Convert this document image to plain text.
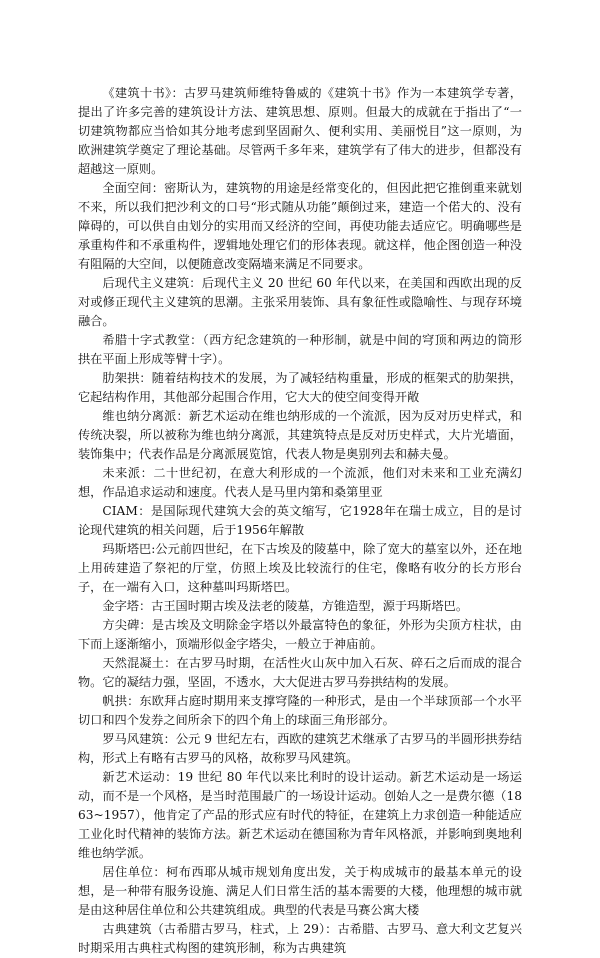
《建筑十书》：古罗马建筑师维特鲁威的《建筑十书》作为一本建筑学专著，提出了许多完善的建筑设计方法、建筑思想、原则。但最大的成就在于指出了“一切建筑物都应当恰如其分地考虑到坚固耐久、便利实用、美丽悦目”这一原则，为欧洲建筑学奠定了理论基础。尽管两千多年来，建筑学有了伟大的进步，但都没有超越这一原则。

全面空间：密斯认为，建筑物的用途是经常变化的，但因此把它推倒重来就划不来，所以我们把沙利文的口号“形式随从功能”颠倒过来，建造一个偌大的、没有障碍的，可以供自由划分的实用而又经济的空间，再使功能去适应它。明确哪些是承重构件和不承重构件，逻辑地处理它们的形体表现。就这样，他企图创造一种没有阻隔的大空间，以便随意改变隔墙来满足不同要求。

后现代主义建筑：后现代主义 20 世纪 60 年代以来，在美国和西欧出现的反对或修正现代主义建筑的思潮。主张采用装饰、具有象征性或隐喻性、与现存环境融合。

希腊十字式教堂：（西方纪念建筑的一种形制，就是中间的穹顶和两边的筒形拱在平面上形成等臂十字）。

肋架拱：随着结构技术的发展，为了减轻结构重量，形成的框架式的肋架拱，它起结构作用，其他部分起围合作用，它大大的使空间变得开敞

维也纳分离派：新艺术运动在维也纳形成的一个流派，因为反对历史样式，和传统决裂，所以被称为维也纳分离派，其建筑特点是反对历史样式，大片光墙面，装饰集中；代表作品是分离派展览馆，代表人物是奥别列去和赫夫曼。

未来派：二十世纪初，在意大利形成的一个流派，他们对未来和工业充满幻想，作品追求运动和速度。代表人是马里内第和桑第里亚

CIAM：是国际现代建筑大会的英文缩写，它1928年在瑞士成立，目的是讨论现代建筑的相关问题，后于1956年解散

玛斯塔巴:公元前四世纪，在下古埃及的陵墓中，除了宽大的墓室以外，还在地上用砖建造了祭祀的厅堂，仿照上埃及比较流行的住宅，像略有收分的长方形台子，在一端有入口，这种墓叫玛斯塔巴。

金字塔：古王国时期古埃及法老的陵墓，方锥造型，源于玛斯塔巴。

方尖碑：是古埃及文明除金字塔以外最富特色的象征，外形为尖顶方柱状，由下而上逐渐缩小，顶端形似金字塔尖，一般立于神庙前。

天然混凝土：在古罗马时期，在活性火山灰中加入石灰、碎石之后而成的混合物。它的凝结力强，坚固，不透水，大大促进古罗马券拱结构的发展。

帆拱：东欧拜占庭时期用来支撑穹隆的一种形式，是由一个半球顶部一个水平切口和四个发券之间所余下的四个角上的球面三角形部分。

罗马风建筑：公元 9 世纪左右，西欧的建筑艺术继承了古罗马的半圆形拱券结构，形式上有略有古罗马的风格，故称罗马风建筑。

新艺术运动：19 世纪 80 年代以来比利时的设计运动。新艺术运动是一场运动，而不是一个风格，是当时范围最广的一场设计运动。创始人之一是费尔德（1863~1957），他肯定了产品的形式应有时代的特征，在建筑上力求创造一种能适应工业化时代精神的装饰方法。新艺术运动在德国称为青年风格派，并影响到奥地利维也纳学派。

居住单位：柯布西耶从城市规划角度出发，关于构成城市的最基本单元的设想，是一种带有服务设施、满足人们日常生活的基本需要的大楼，他理想的城市就是由这种居住单位和公共建筑组成。典型的代表是马赛公寓大楼

古典建筑（古希腊古罗马，柱式，上 29）：古希腊、古罗马、意大利文艺复兴时期采用古典柱式构图的建筑形制，称为古典建筑
